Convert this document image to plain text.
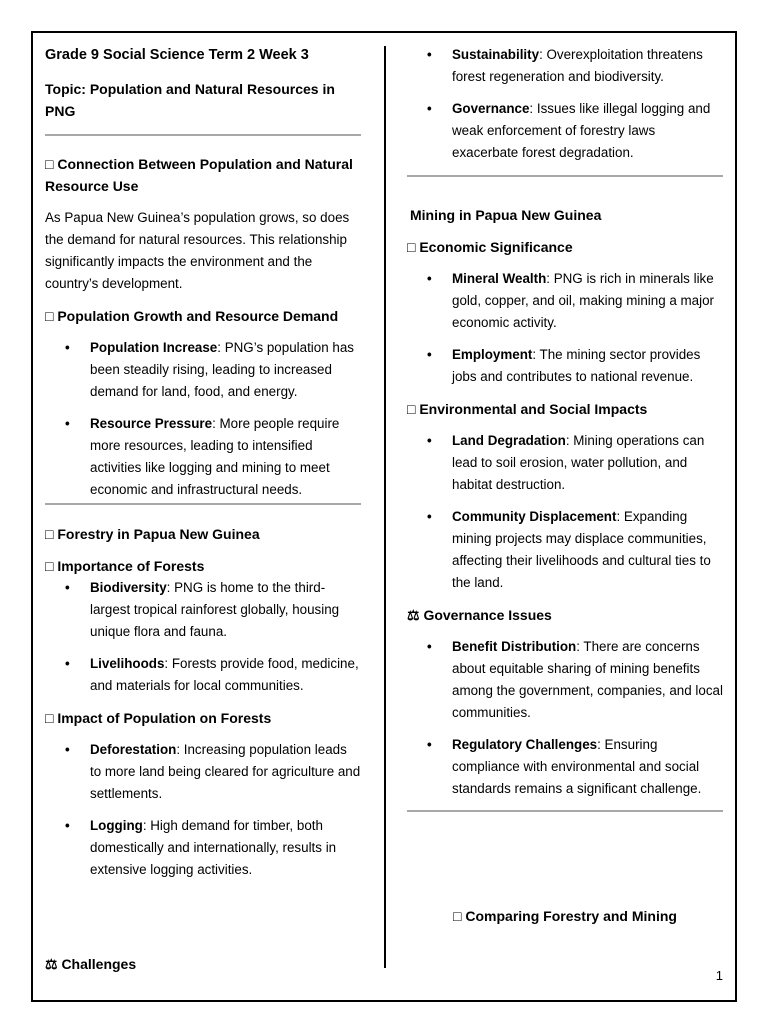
Grade 9 Social Science Term 2 Week 3

Topic: Population and Natural Resources in PNG

□ Connection Between Population and Natural Resource Use

As Papua New Guinea’s population grows, so does the demand for natural resources. This relationship significantly impacts the environment and the country’s development.

□ Population Growth and Resource Demand

• Population Increase: PNG’s population has been steadily rising, leading to increased demand for land, food, and energy.
• Resource Pressure: More people require more resources, leading to intensified activities like logging and mining to meet economic and infrastructural needs.

□ Forestry in Papua New Guinea

□ Importance of Forests

• Biodiversity: PNG is home to the third-largest tropical rainforest globally, housing unique flora and fauna.
• Livelihoods: Forests provide food, medicine, and materials for local communities.

□ Impact of Population on Forests

• Deforestation: Increasing population leads to more land being cleared for agriculture and settlements.
• Logging: High demand for timber, both domestically and internationally, results in extensive logging activities.

⚖ Challenges

• Sustainability: Overexploitation threatens forest regeneration and biodiversity.
• Governance: Issues like illegal logging and weak enforcement of forestry laws exacerbate forest degradation.

Mining in Papua New Guinea

□ Economic Significance

• Mineral Wealth: PNG is rich in minerals like gold, copper, and oil, making mining a major economic activity.
• Employment: The mining sector provides jobs and contributes to national revenue.

□ Environmental and Social Impacts

• Land Degradation: Mining operations can lead to soil erosion, water pollution, and habitat destruction.
• Community Displacement: Expanding mining projects may displace communities, affecting their livelihoods and cultural ties to the land.

⚖ Governance Issues

• Benefit Distribution: There are concerns about equitable sharing of mining benefits among the government, companies, and local communities.
• Regulatory Challenges: Ensuring compliance with environmental and social standards remains a significant challenge.

□ Comparing Forestry and Mining

1
